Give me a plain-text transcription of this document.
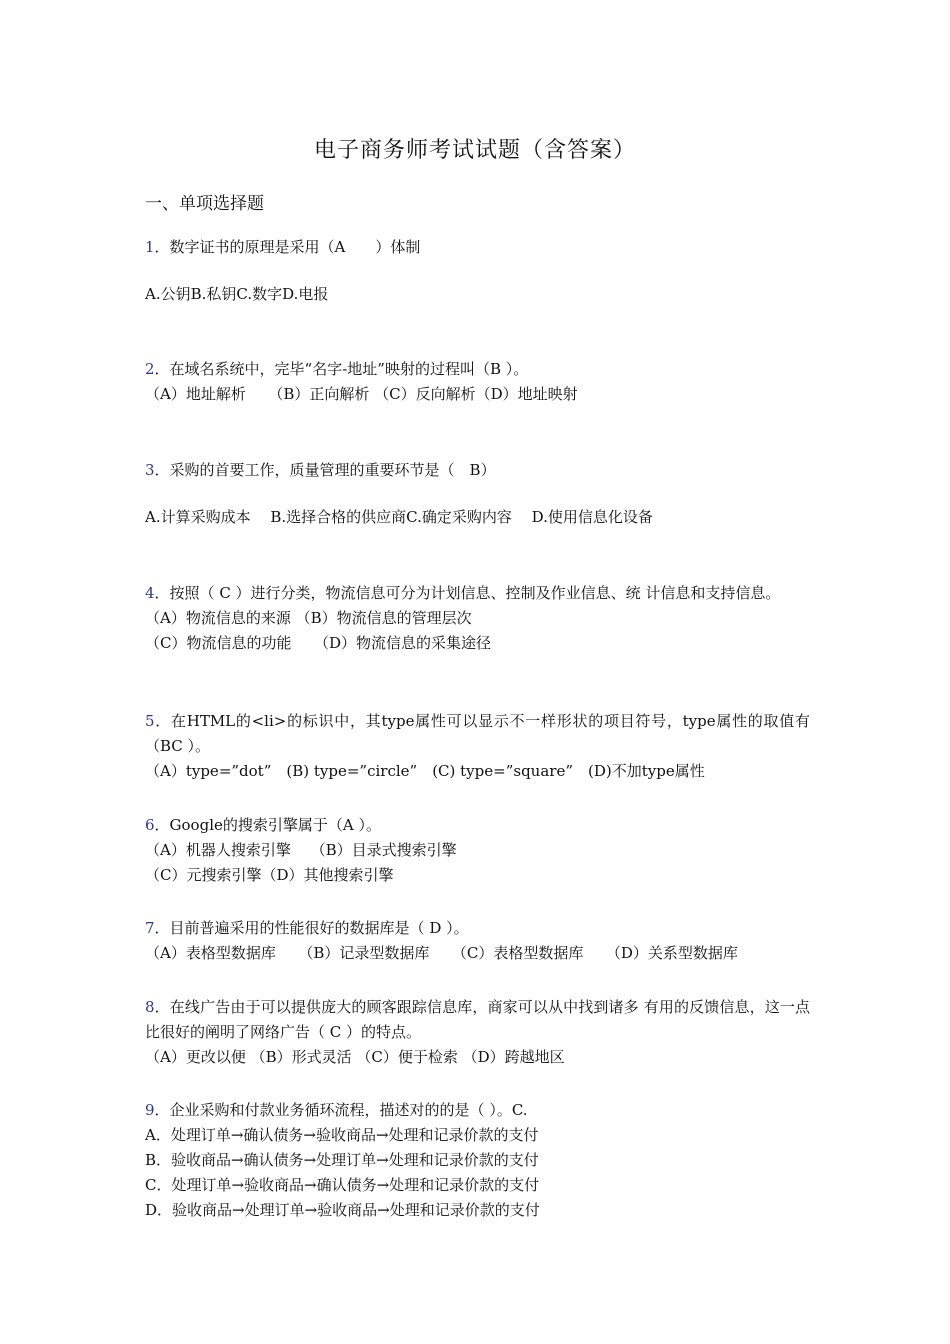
电子商务师考试试题（含答案）
一、单项选择题
1．数字证书的原理是采用（A　　）体制
A.公钥B.私钥C.数字D.电报
2．在域名系统中，完毕“名字-地址”映射的过程叫（B ）。
（A）地址解析　　（B）正向解析 （C）反向解析（D）地址映射
3．采购的首要工作，质量管理的重要环节是（　B）
A.计算采购成本　 B.选择合格的供应商C.确定采购内容　 D.使用信息化设备
4．按照（ C ）进行分类，物流信息可分为计划信息、控制及作业信息、统 计信息和支持信息。
（A）物流信息的来源 （B）物流信息的管理层次
（C）物流信息的功能　　（D）物流信息的采集途径
5．在HTML的<li>的标识中，其type属性可以显示不一样形状的项目符号，type属性的取值有（BC ）。
（A）type=”dot”　(B) type=”circle”　(C) type=”square”　(D)不加type属性
6．Google的搜索引擎属于（A ）。
（A）机器人搜索引擎　 （B）目录式搜索引擎
（C）元搜索引擎（D）其他搜索引擎
7．目前普遍采用的性能很好的数据库是（ D ）。
（A）表格型数据库　　（B）记录型数据库　　（C）表格型数据库　　（D）关系型数据库
8．在线广告由于可以提供庞大的顾客跟踪信息库，商家可以从中找到诸多 有用的反馈信息，这一点比很好的阐明了网络广告（ C ）的特点。
（A）更改以便 （B）形式灵活 （C）便于检索 （D）跨越地区
9．企业采购和付款业务循环流程，描述对的的是（ ）。C.
A．处理订单→确认债务→验收商品→处理和记录价款的支付
B．验收商品→确认债务→处理订单→处理和记录价款的支付
C．处理订单→验收商品→确认债务→处理和记录价款的支付
D．验收商品→处理订单→验收商品→处理和记录价款的支付
